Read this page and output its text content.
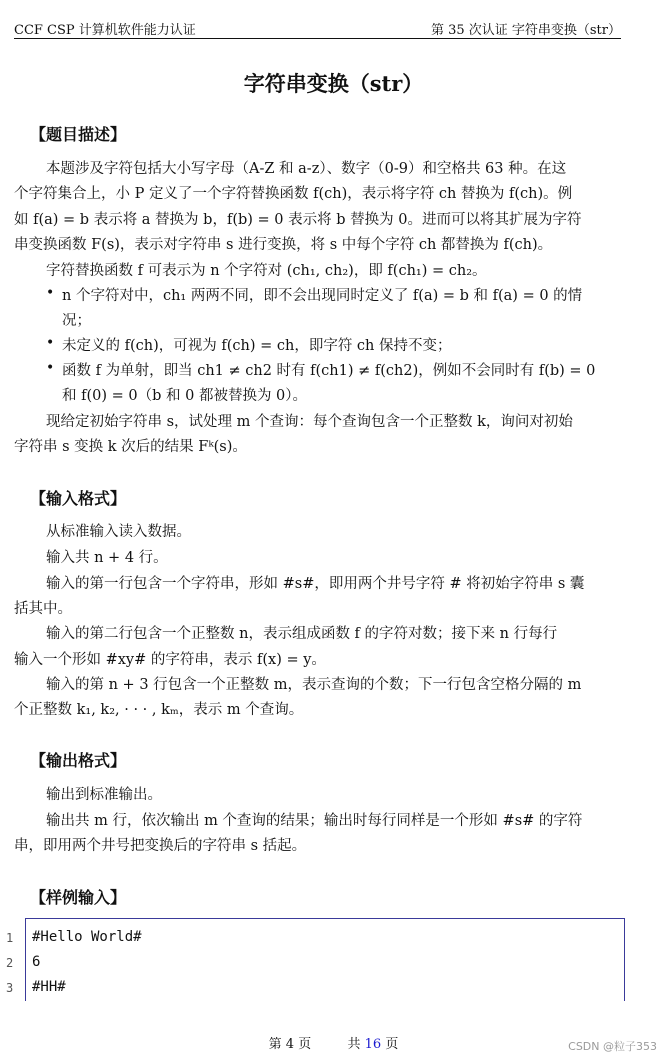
CCF CSP 计算机软件能力认证	第 35 次认证 字符串变换（str）
字符串变换（str）
【题目描述】
本题涉及字符包括大小写字母（A-Z 和 a-z）、数字（0-9）和空格共 63 种。在这
个字符集合上，小 P 定义了一个字符替换函数 f(ch)，表示将字符 ch 替换为 f(ch)。例
如 f(a) = b 表示将 a 替换为 b，f(b) = 0 表示将 b 替换为 0。进而可以将其扩展为字符
串变换函数 F(s)，表示对字符串 s 进行变换，将 s 中每个字符 ch 都替换为 f(ch)。
字符替换函数 f 可表示为 n 个字符对 (ch₁, ch₂)，即 f(ch₁) = ch₂。
• n 个字符对中，ch₁ 两两不同，即不会出现同时定义了 f(a) = b 和 f(a) = 0 的情
况；
• 未定义的 f(ch)，可视为 f(ch) = ch，即字符 ch 保持不变；
• 函数 f 为单射，即当 ch1 ≠ ch2 时有 f(ch1) ≠ f(ch2)，例如不会同时有 f(b) = 0
和 f(0) = 0（b 和 0 都被替换为 0）。
现给定初始字符串 s，试处理 m 个查询：每个查询包含一个正整数 k，询问对初始
字符串 s 变换 k 次后的结果 Fᵏ(s)。
【输入格式】
从标准输入读入数据。
输入共 n + 4 行。
输入的第一行包含一个字符串，形如 #s#，即用两个井号字符 # 将初始字符串 s 囊
括其中。
输入的第二行包含一个正整数 n，表示组成函数 f 的字符对数；接下来 n 行每行
输入一个形如 #xy# 的字符串，表示 f(x) = y。
输入的第 n + 3 行包含一个正整数 m，表示查询的个数；下一行包含空格分隔的 m
个正整数 k₁, k₂, · · · , kₘ，表示 m 个查询。
【输出格式】
输出到标准输出。
输出共 m 行，依次输出 m 个查询的结果；输出时每行同样是一个形如 #s# 的字符
串，即用两个井号把变换后的字符串 s 括起。
【样例输入】
1
2
3
#Hello World#
6
#HH#
第 4 页	共 16 页	CSDN @粒子353
